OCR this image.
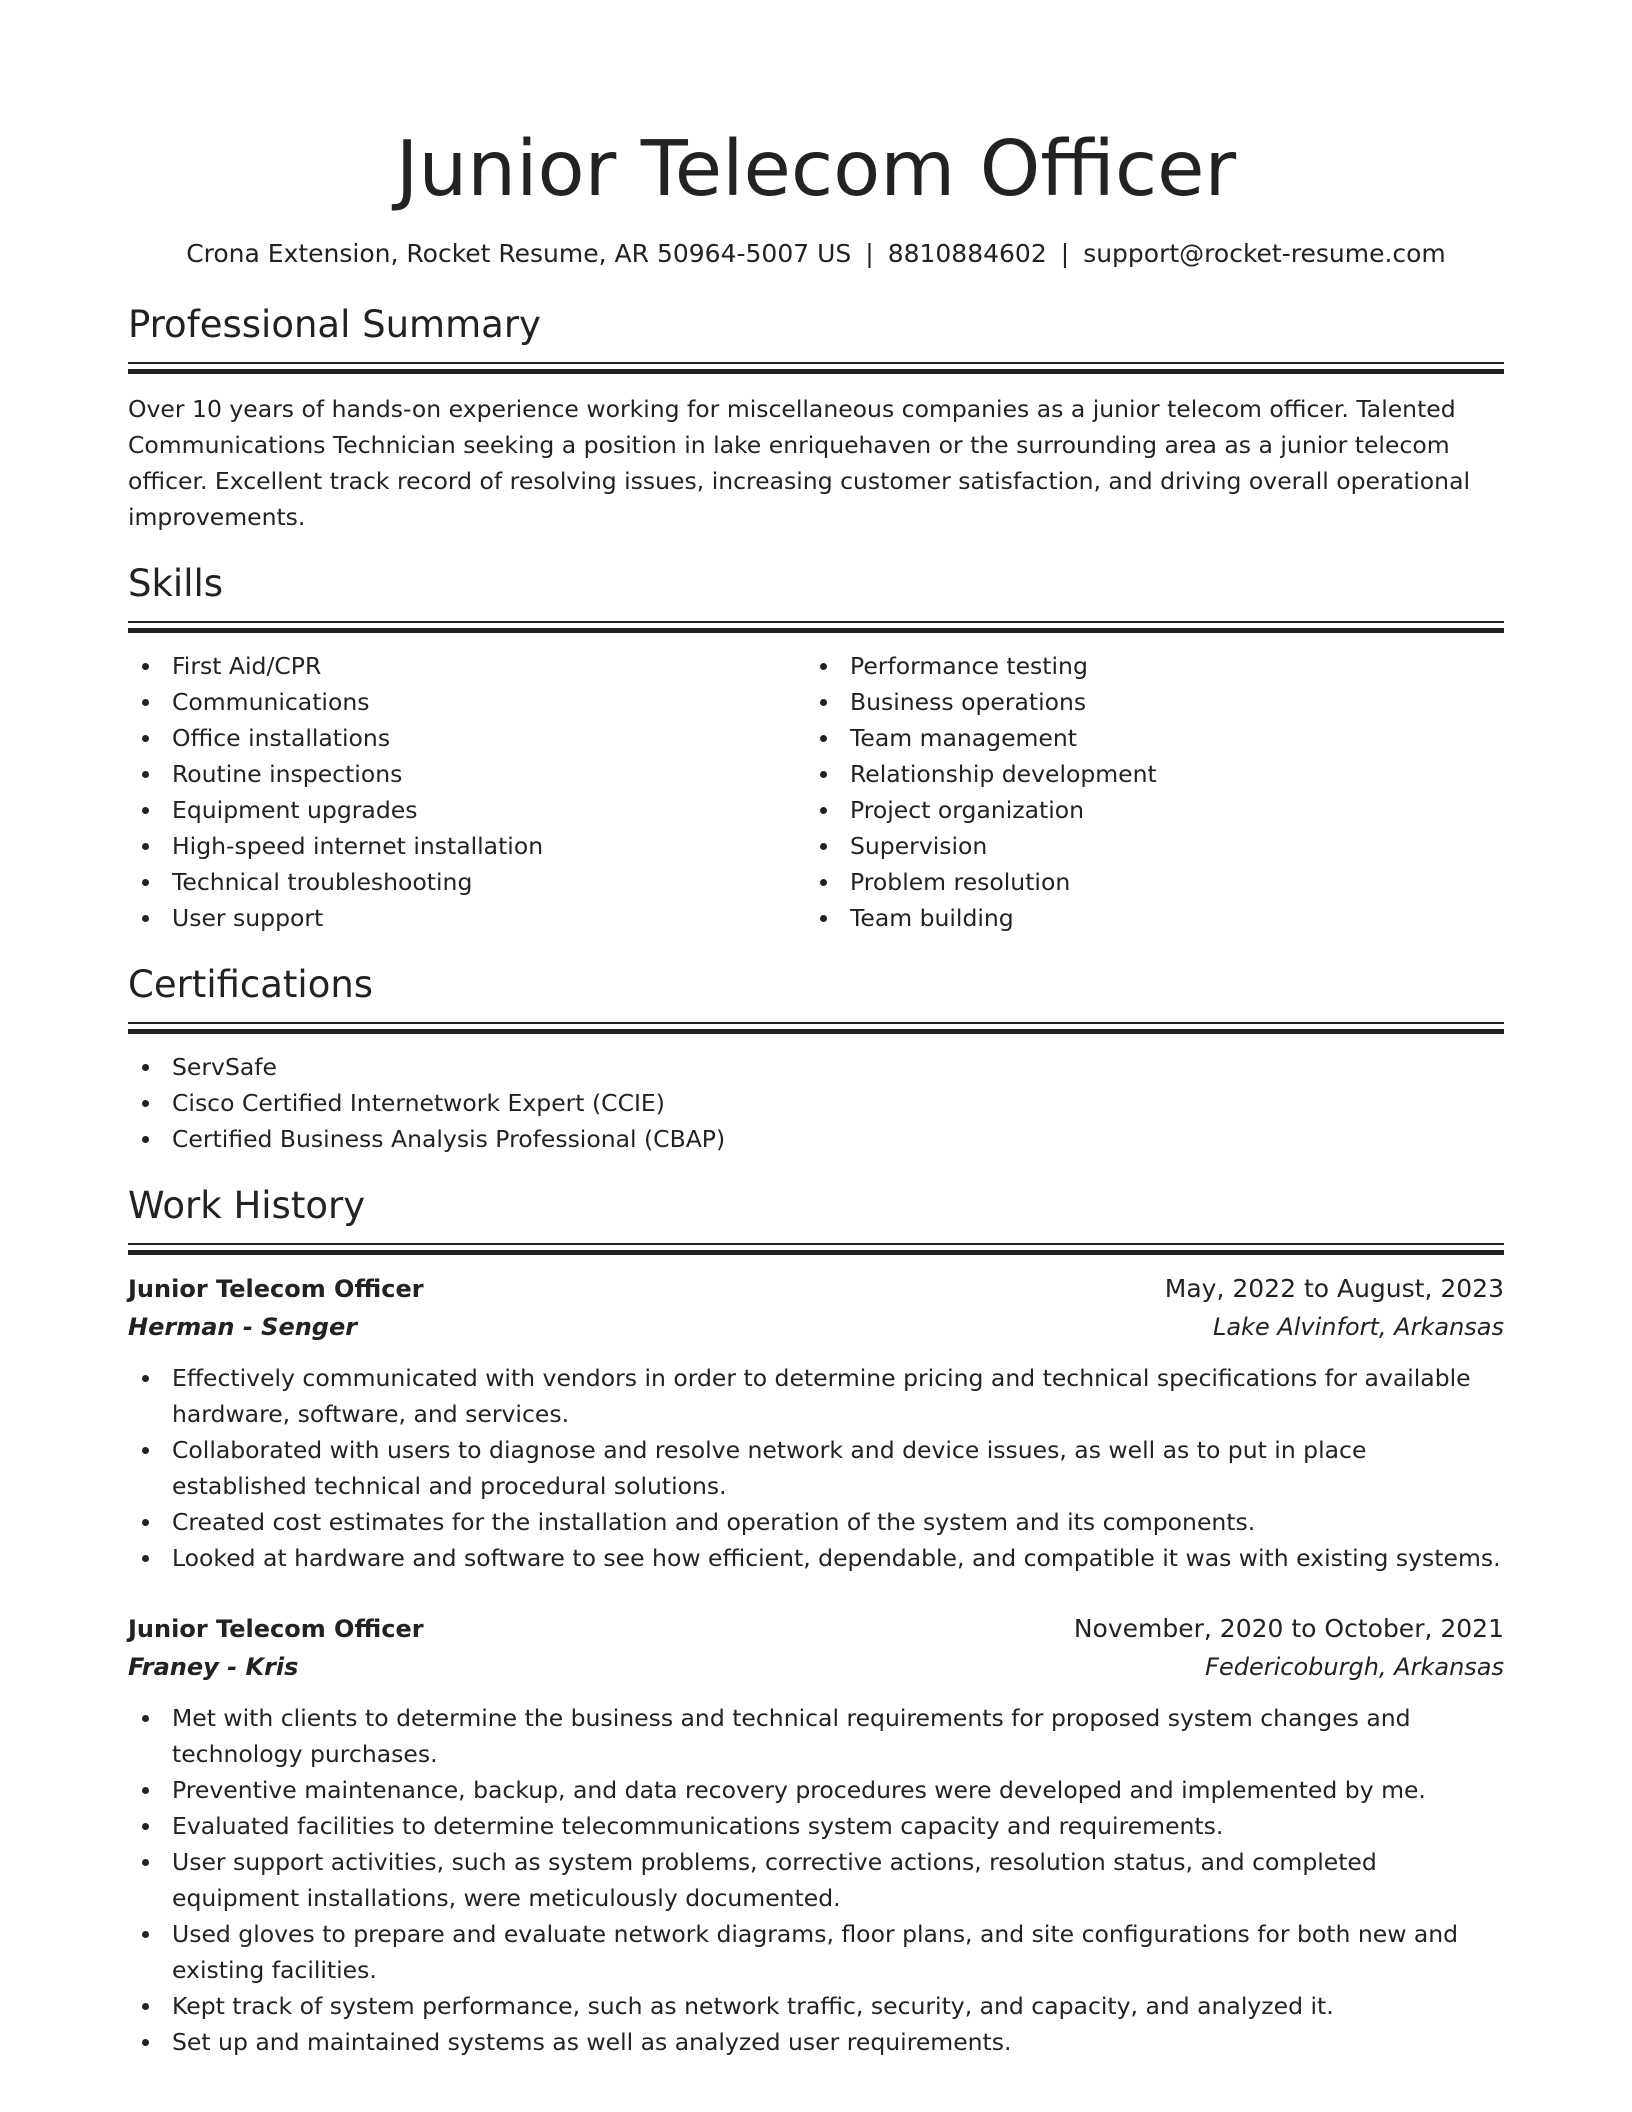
Junior Telecom Officer
Crona Extension, Rocket Resume, AR 50964-5007 US | 8810884602 | support@rocket-resume.com
Professional Summary
Over 10 years of hands-on experience working for miscellaneous companies as a junior telecom officer. Talented Communications Technician seeking a position in lake enriquehaven or the surrounding area as a junior telecom officer. Excellent track record of resolving issues, increasing customer satisfaction, and driving overall operational improvements.
Skills
First Aid/CPR
Communications
Office installations
Routine inspections
Equipment upgrades
High-speed internet installation
Technical troubleshooting
User support
Performance testing
Business operations
Team management
Relationship development
Project organization
Supervision
Problem resolution
Team building
Certifications
ServSafe
Cisco Certified Internetwork Expert (CCIE)
Certified Business Analysis Professional (CBAP)
Work History
Junior Telecom Officer	May, 2022 to August, 2023
Herman - Senger	Lake Alvinfort, Arkansas
Effectively communicated with vendors in order to determine pricing and technical specifications for available hardware, software, and services.
Collaborated with users to diagnose and resolve network and device issues, as well as to put in place established technical and procedural solutions.
Created cost estimates for the installation and operation of the system and its components.
Looked at hardware and software to see how efficient, dependable, and compatible it was with existing systems.
Junior Telecom Officer	November, 2020 to October, 2021
Franey - Kris	Federicoburgh, Arkansas
Met with clients to determine the business and technical requirements for proposed system changes and technology purchases.
Preventive maintenance, backup, and data recovery procedures were developed and implemented by me.
Evaluated facilities to determine telecommunications system capacity and requirements.
User support activities, such as system problems, corrective actions, resolution status, and completed equipment installations, were meticulously documented.
Used gloves to prepare and evaluate network diagrams, floor plans, and site configurations for both new and existing facilities.
Kept track of system performance, such as network traffic, security, and capacity, and analyzed it.
Set up and maintained systems as well as analyzed user requirements.
